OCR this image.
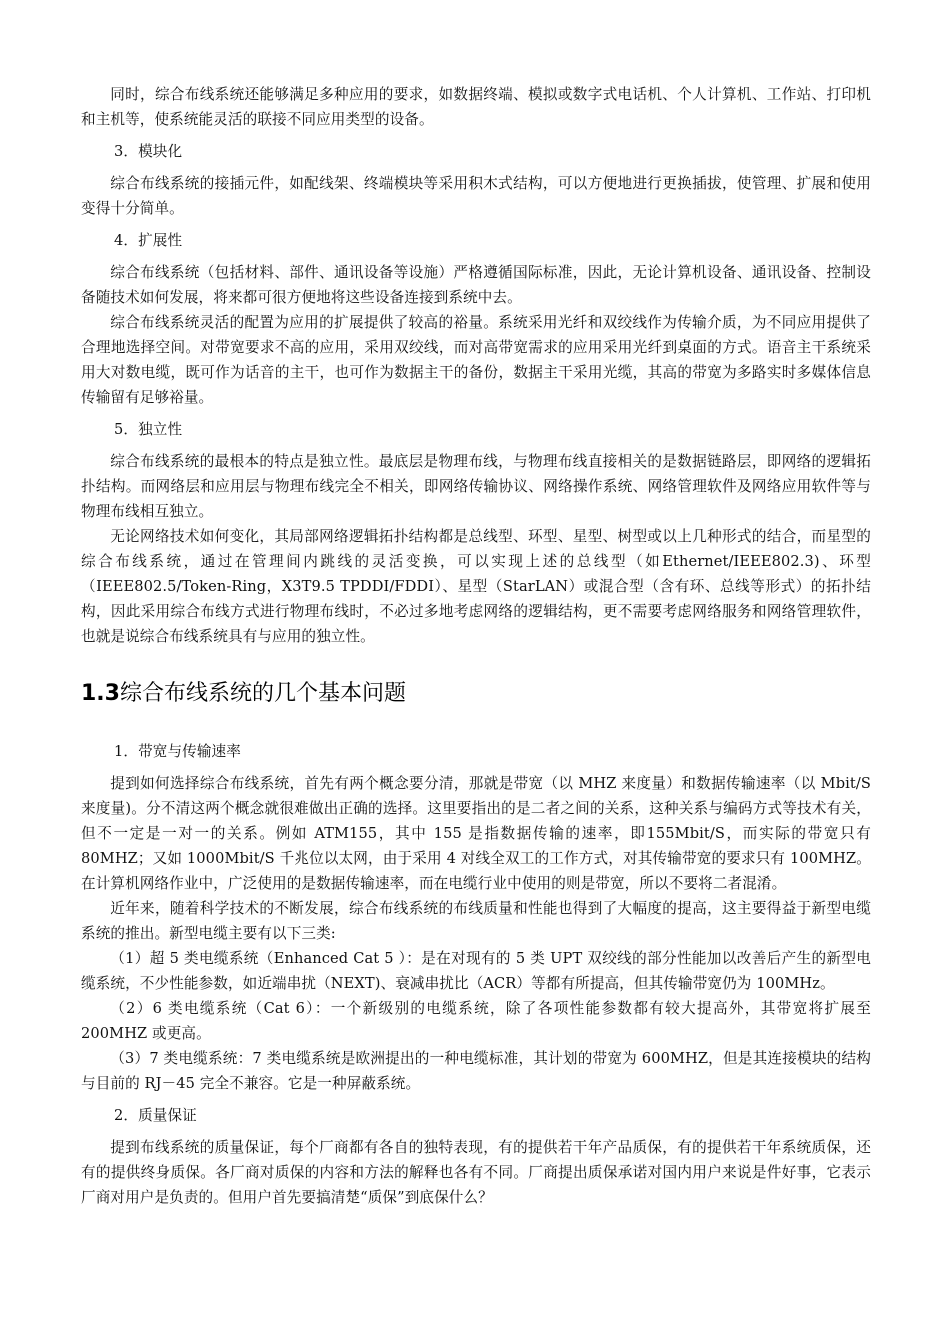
同时，综合布线系统还能够满足多种应用的要求，如数据终端、模拟或数字式电话机、个人计算机、工作站、打印机和主机等，使系统能灵活的联接不同应用类型的设备。

3．模块化

综合布线系统的接插元件，如配线架、终端模块等采用积木式结构，可以方便地进行更换插拔，使管理、扩展和使用变得十分简单。

4．扩展性

综合布线系统（包括材料、部件、通讯设备等设施）严格遵循国际标准，因此，无论计算机设备、通讯设备、控制设备随技术如何发展，将来都可很方便地将这些设备连接到系统中去。

综合布线系统灵活的配置为应用的扩展提供了较高的裕量。系统采用光纤和双绞线作为传输介质，为不同应用提供了合理地选择空间。对带宽要求不高的应用，采用双绞线，而对高带宽需求的应用采用光纤到桌面的方式。语音主干系统采用大对数电缆，既可作为话音的主干，也可作为数据主干的备份，数据主干采用光缆，其高的带宽为多路实时多媒体信息传输留有足够裕量。

5．独立性

综合布线系统的最根本的特点是独立性。最底层是物理布线，与物理布线直接相关的是数据链路层，即网络的逻辑拓扑结构。而网络层和应用层与物理布线完全不相关，即网络传输协议、网络操作系统、网络管理软件及网络应用软件等与物理布线相互独立。

无论网络技术如何变化，其局部网络逻辑拓扑结构都是总线型、环型、星型、树型或以上几种形式的结合，而星型的综合布线系统，通过在管理间内跳线的灵活变换，可以实现上述的总线型（如Ethernet/IEEE802.3)、环型（IEEE802.5/Token-Ring，X3T9.5 TPDDI/FDDI）、星型（StarLAN）或混合型（含有环、总线等形式）的拓扑结构，因此采用综合布线方式进行物理布线时，不必过多地考虑网络的逻辑结构，更不需要考虑网络服务和网络管理软件，也就是说综合布线系统具有与应用的独立性。

1.3综合布线系统的几个基本问题

1．带宽与传输速率

提到如何选择综合布线系统，首先有两个概念要分清，那就是带宽（以 MHZ 来度量）和数据传输速率（以 Mbit/S 来度量)。分不清这两个概念就很难做出正确的选择。这里要指出的是二者之间的关系，这种关系与编码方式等技术有关，但不一定是一对一的关系。例如 ATM155，其中 155 是指数据传输的速率，即155Mbit/S，而实际的带宽只有 80MHZ；又如 1000Mbit/S 千兆位以太网，由于采用 4 对线全双工的工作方式，对其传输带宽的要求只有 100MHZ。在计算机网络作业中，广泛使用的是数据传输速率，而在电缆行业中使用的则是带宽，所以不要将二者混淆。

近年来，随着科学技术的不断发展，综合布线系统的布线质量和性能也得到了大幅度的提高，这主要得益于新型电缆系统的推出。新型电缆主要有以下三类:

（1）超 5 类电缆系统（Enhanced Cat 5 ）：是在对现有的 5 类 UPT 双绞线的部分性能加以改善后产生的新型电缆系统，不少性能参数，如近端串扰（NEXT)、衰减串扰比（ACR）等都有所提高，但其传输带宽仍为 100MHz。

（2）6 类电缆系统（Cat 6）：一个新级别的电缆系统，除了各项性能参数都有较大提高外，其带宽将扩展至 200MHZ 或更高。

（3）7 类电缆系统：7 类电缆系统是欧洲提出的一种电缆标准，其计划的带宽为 600MHZ，但是其连接模块的结构与目前的 RJ－45 完全不兼容。它是一种屏蔽系统。

2．质量保证

提到布线系统的质量保证，每个厂商都有各自的独特表现，有的提供若干年产品质保，有的提供若干年系统质保，还有的提供终身质保。各厂商对质保的内容和方法的解释也各有不同。厂商提出质保承诺对国内用户来说是件好事，它表示厂商对用户是负责的。但用户首先要搞清楚“质保”到底保什么？
